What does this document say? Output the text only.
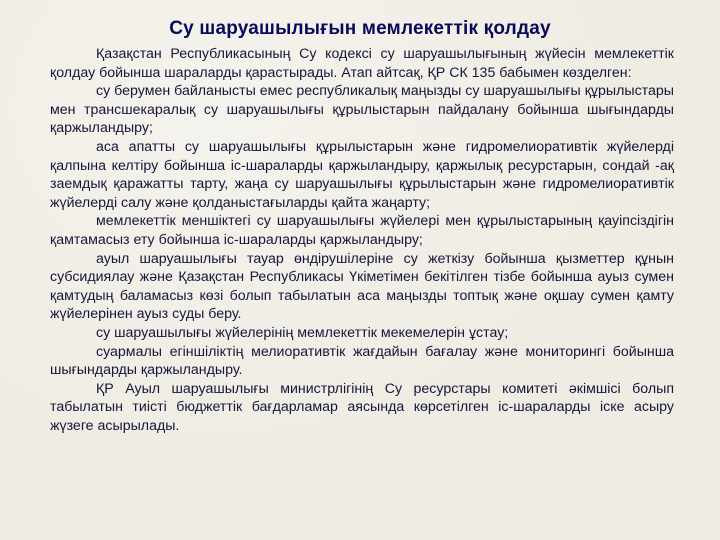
Су шаруашылығын мемлекеттік қолдау

Қазақстан Республикасының Су кодексі су шаруашылығының жүйесін мемлекеттік қолдау бойынша шараларды қарастырады. Атап айтсақ, ҚР СК 135 бабымен көзделген:

су берумен байланысты емес республикалық маңызды су шаруашылығы құрылыстары мен трансшекаралық су шаруашылығы құрылыстарын пайдалану бойынша шығындарды қаржыландыру;

аса апатты су шаруашылығы құрылыстарын және гидромелиоративтік жүйелерді қалпына келтіру бойынша іс-шараларды қаржыландыру, қаржылық ресурстарын, сондай -ақ заемдық қаражатты тарту, жаңа су шаруашылығы құрылыстарын және гидромелиоративтік жүйелерді салу және қолданыстағыларды қайта жаңарту;

мемлекеттік меншіктегі су шаруашылығы жүйелері мен құрылыстарының қауіпсіздігін қамтамасыз ету бойынша іс-шараларды қаржыландыру;

ауыл шаруашылығы тауар өндірушілеріне су жеткізу бойынша қызметтер құнын субсидиялау және Қазақстан Республикасы Үкіметімен бекітілген тізбе бойынша ауыз сумен қамтудың баламасыз көзі болып табылатын аса маңызды топтық және оқшау сумен қамту жүйелерінен ауыз суды беру.

су шаруашылығы жүйелерінің мемлекеттік мекемелерін ұстау;

суармалы егіншіліктің мелиоративтік жағдайын бағалау және мониторингі бойынша шығындарды қаржыландыру.

ҚР Ауыл шаруашылығы министрлігінің Су ресурстары комитеті әкімшісі болып табылатын тиісті бюджеттік бағдарламар аясында көрсетілген іс-шараларды іске асыру жүзеге асырылады.
